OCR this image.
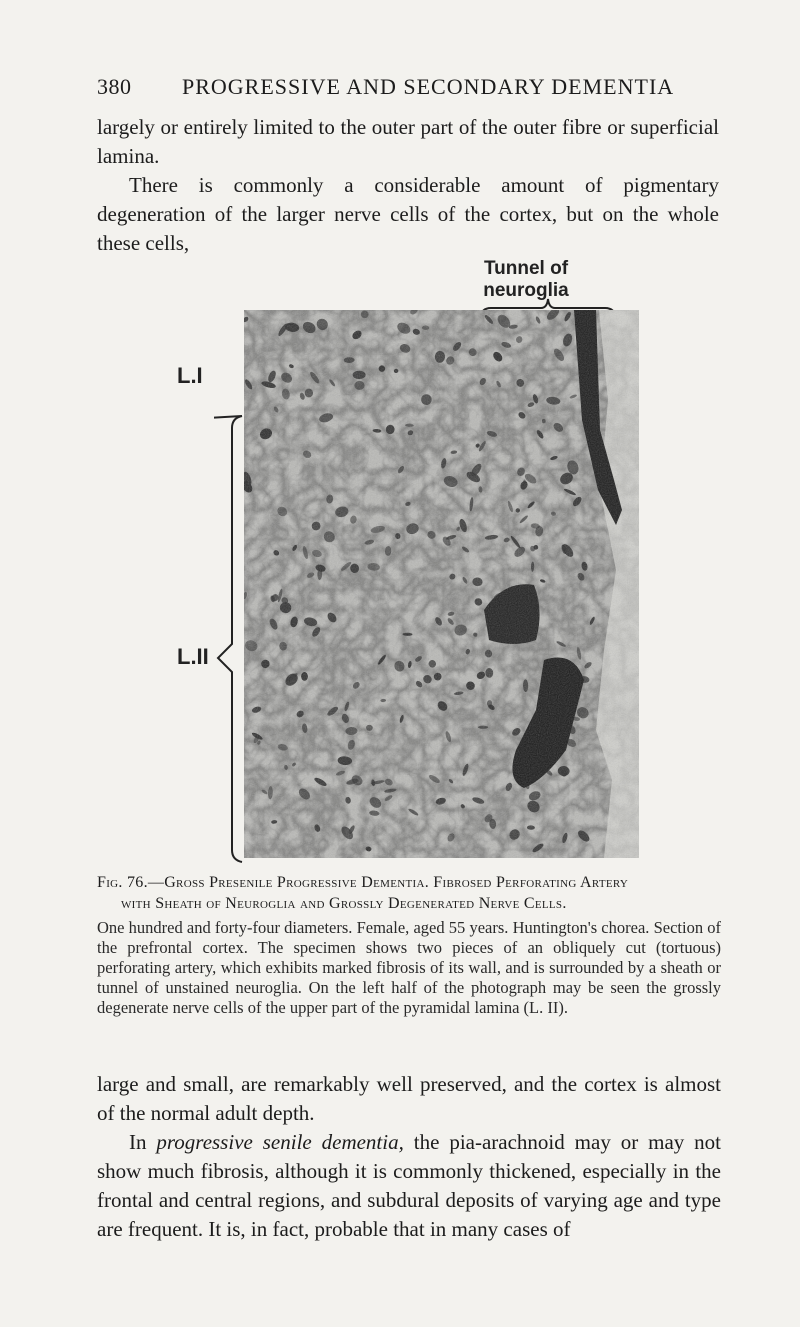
380 PROGRESSIVE AND SECONDARY DEMENTIA

largely or entirely limited to the outer part of the outer fibre or superficial lamina.

There is commonly a considerable amount of pigmentary degeneration of the larger nerve cells of the cortex, but on the whole these cells,

Tunnel of neuroglia
L.I
L.II
Fig. 76.—Gross Presenile Progressive Dementia. Fibrosed Perforating Artery
with Sheath of Neuroglia and Grossly Degenerated Nerve Cells.

One hundred and forty-four diameters. Female, aged 55 years. Huntington's chorea. Section of the prefrontal cortex. The specimen shows two pieces of an obliquely cut (tortuous) perforating artery, which exhibits marked fibrosis of its wall, and is surrounded by a sheath or tunnel of unstained neuroglia. On the left half of the photograph may be seen the grossly degenerate nerve cells of the upper part of the pyramidal lamina (L. II).

large and small, are remarkably well preserved, and the cortex is almost of the normal adult depth.

In progressive senile dementia, the pia-arachnoid may or may not show much fibrosis, although it is commonly thickened, especially in the frontal and central regions, and subdural deposits of varying age and type are frequent. It is, in fact, probable that in many cases of
